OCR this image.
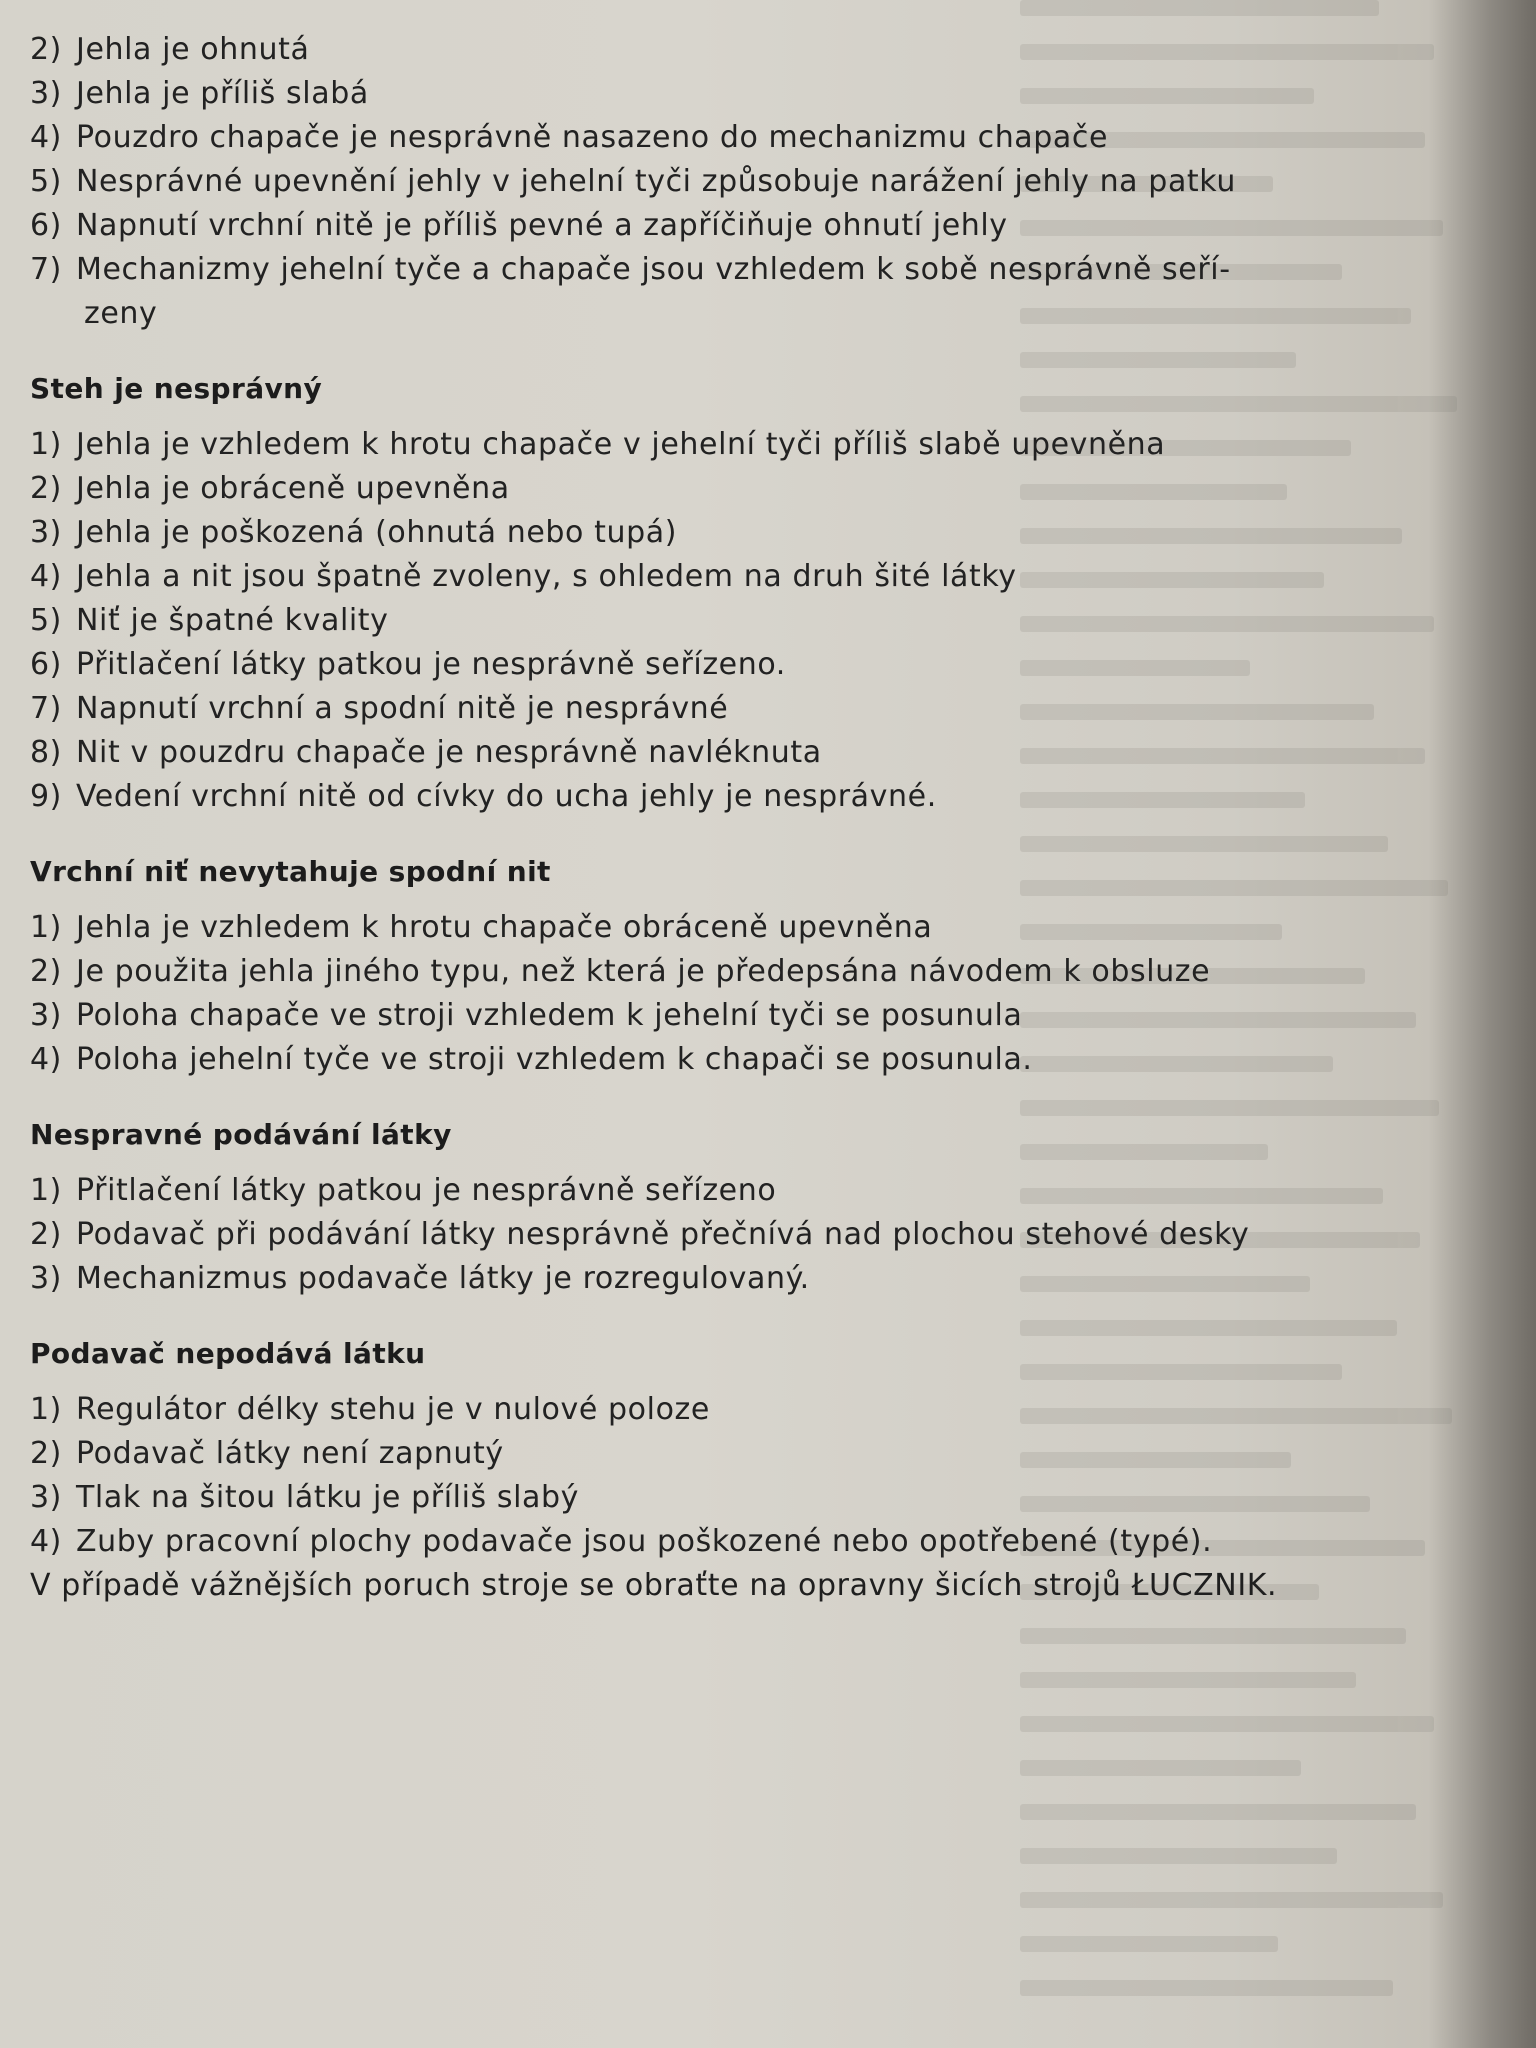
2) Jehla je ohnutá
3) Jehla je příliš slabá
4) Pouzdro chapače je nesprávně nasazeno do mechanizmu chapače
5) Nesprávné upevnění jehly v jehelní tyči způsobuje narážení jehly na patku
6) Napnutí vrchní nitě je příliš pevné a zapříčiňuje ohnutí jehly
7) Mechanizmy jehelní tyče a chapače jsou vzhledem k sobě nesprávně seří-
zeny
Steh je nesprávný
1) Jehla je vzhledem k hrotu chapače v jehelní tyči příliš slabě upevněna
2) Jehla je obráceně upevněna
3) Jehla je poškozená (ohnutá nebo tupá)
4) Jehla a nit jsou špatně zvoleny, s ohledem na druh šité látky
5) Niť je špatné kvality
6) Přitlačení látky patkou je nesprávně seřízeno.
7) Napnutí vrchní a spodní nitě je nesprávné
8) Nit v pouzdru chapače je nesprávně navléknuta
9) Vedení vrchní nitě od cívky do ucha jehly je nesprávné.
Vrchní niť nevytahuje spodní nit
1) Jehla je vzhledem k hrotu chapače obráceně upevněna
2) Je použita jehla jiného typu, než která je předepsána návodem k obsluze
3) Poloha chapače ve stroji vzhledem k jehelní tyči se posunula
4) Poloha jehelní tyče ve stroji vzhledem k chapači se posunula.
Nespravné podávání látky
1) Přitlačení látky patkou je nesprávně seřízeno
2) Podavač při podávání látky nesprávně přečnívá nad plochou stehové desky
3) Mechanizmus podavače látky je rozregulovaný.
Podavač nepodává látku
1) Regulátor délky stehu je v nulové poloze
2) Podavač látky není zapnutý
3) Tlak na šitou látku je příliš slabý
4) Zuby pracovní plochy podavače jsou poškozené nebo opotřebené (typé).
V případě vážnějších poruch stroje se obraťte na opravny šicích strojů ŁUCZNIK.
